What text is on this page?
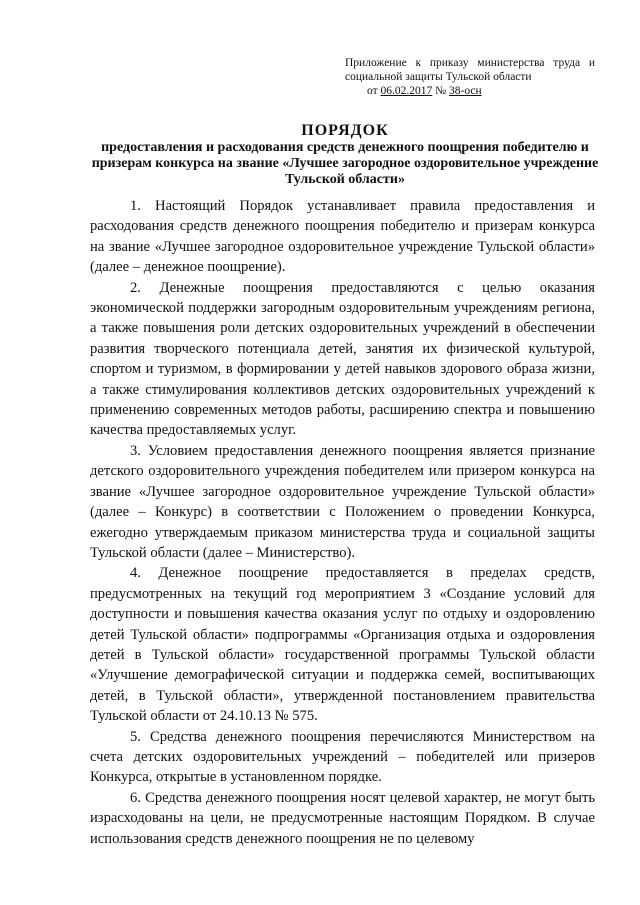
Приложение к приказу министерства труда и
социальной защиты Тульской области
от 06.02.2017 № 38-осн
ПОРЯДОК
предоставления и расходования средств денежного поощрения победителю и призерам конкурса на звание «Лучшее загородное оздоровительное учреждение Тульской области»

1. Настоящий Порядок устанавливает правила предоставления и расходования средств денежного поощрения победителю и призерам конкурса на звание «Лучшее загородное оздоровительное учреждение Тульской области» (далее – денежное поощрение).

2. Денежные поощрения предоставляются с целью оказания экономической поддержки загородным оздоровительным учреждениям региона, а также повышения роли детских оздоровительных учреждений в обеспечении развития творческого потенциала детей, занятия их физической культурой, спортом и туризмом, в формировании у детей навыков здорового образа жизни, а также стимулирования коллективов детских оздоровительных учреждений к применению современных методов работы, расширению спектра и повышению качества предоставляемых услуг.

3. Условием предоставления денежного поощрения является признание детского оздоровительного учреждения победителем или призером конкурса на звание «Лучшее загородное оздоровительное учреждение Тульской области» (далее – Конкурс) в соответствии с Положением о проведении Конкурса, ежегодно утверждаемым приказом министерства труда и социальной защиты Тульской области (далее – Министерство).

4. Денежное поощрение предоставляется в пределах средств, предусмотренных на текущий год мероприятием 3 «Создание условий для доступности и повышения качества оказания услуг по отдыху и оздоровлению детей Тульской области» подпрограммы «Организация отдыха и оздоровления детей в Тульской области» государственной программы Тульской области «Улучшение демографической ситуации и поддержка семей, воспитывающих детей, в Тульской области», утвержденной постановлением правительства Тульской области от 24.10.13 № 575.

5. Средства денежного поощрения перечисляются Министерством на счета детских оздоровительных учреждений – победителей или призеров Конкурса, открытые в установленном порядке.

6. Средства денежного поощрения носят целевой характер, не могут быть израсходованы на цели, не предусмотренные настоящим Порядком. В случае использования средств денежного поощрения не по целевому
